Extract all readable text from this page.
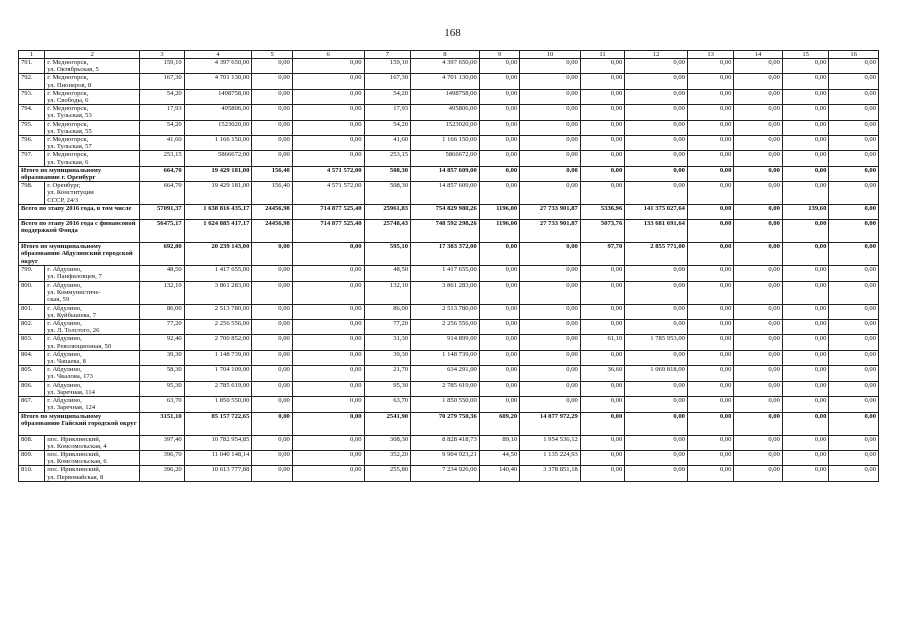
168
1	2	3	4	5	6	7	8	9	10	11	12	13	14	15	16
791.	г. Медногорск,
ул. Октябрьская, 5	159,10	4 397 650,00	0,00	0,00	159,10	4 397 650,00	0,00	0,00	0,00	0,00	0,00	0,00	0,00	0,00
792.	г. Медногорск,
ул. Пионеров, 8	167,30	4 701 130,00	0,00	0,00	167,30	4 701 130,00	0,00	0,00	0,00	0,00	0,00	0,00	0,00	0,00
793.	г. Медногорск,
ул. Свободы, 6	54,20	1498758,00	0,00	0,00	54,20	1498758,00	0,00	0,00	0,00	0,00	0,00	0,00	0,00	0,00
794.	г. Медногорск,
ул. Тульская, 53	17,93	495806,00	0,00	0,00	17,93	495806,00	0,00	0,00	0,00	0,00	0,00	0,00	0,00	0,00
795.	г. Медногорск,
ул. Тульская, 55	54,20	1523020,00	0,00	0,00	54,20	1523020,00	0,00	0,00	0,00	0,00	0,00	0,00	0,00	0,00
796.	г. Медногорск,
ул. Тульская, 57	41,60	1 166 150,00	0,00	0,00	41,60	1 166 150,00	0,00	0,00	0,00	0,00	0,00	0,00	0,00	0,00
797.	г. Медногорск,
ул. Тульская, 6	253,15	5866672,00	0,00	0,00	253,15	5866672,00	0,00	0,00	0,00	0,00	0,00	0,00	0,00	0,00
Итого по муниципальному образованию г. Оренбург		664,70	19 429 181,00	156,40	4 571 572,00	508,30	14 857 609,00	0,00	0,00	0,00	0,00	0,00	0,00	0,00	0,00
798.	г. Оренбург,
ул. Конституции
СССР, 24/3	664,70	19 429 181,00	156,40	4 571 572,00	508,30	14 857 609,00	0,00	0,00	0,00	0,00	0,00	0,00	0,00	0,00
Всего по этапу 2016 года, в том числе		57091,37	1 638 816 435,17	24456,98	714 877 525,40	25961,83	754 829 980,26	1196,00	27 733 901,87	5336,96	141 375 027,64	0,00	0,00	139,60	0,00
Всего по этапу 2016 года с финансовой поддержкой Фонда		56475,17	1 624 885 417,17	24456,98	714 877 525,40	25748,43	748 592 298,26	1196,00	27 733 901,87	5073,76	133 681 691,64	0,00	0,00	0,00	0,00
Итого по муниципальному образованию Абдулинский городской округ		692,80	20 239 143,00	0,00	0,00	595,10	17 383 372,00	0,00	0,00	97,70	2 855 771,00	0,00	0,00	0,00	0,00
799.	г. Абдулино,
ул. Панфиловцев, 7	48,50	1 417 655,00	0,00	0,00	48,50	1 417 655,00	0,00	0,00	0,00	0,00	0,00	0,00	0,00	0,00
800.	г. Абдулино,
ул. Коммунистиче-
ская, 59	132,10	3 861 283,00	0,00	0,00	132,10	3 861 283,00	0,00	0,00	0,00	0,00	0,00	0,00	0,00	0,00
801.	г. Абдулино,
ул. Куйбышева, 7	86,00	2 513 780,00	0,00	0,00	86,00	2 513 780,00	0,00	0,00	0,00	0,00	0,00	0,00	0,00	0,00
802.	г. Абдулино,
ул. Л. Толстого, 26	77,20	2 256 556,00	0,00	0,00	77,20	2 256 556,00	0,00	0,00	0,00	0,00	0,00	0,00	0,00	0,00
803.	г. Абдулино,
ул. Революционная, 50	92,40	2 700 852,00	0,00	0,00	31,30	914 899,00	0,00	0,00	61,10	1 785 953,00	0,00	0,00	0,00	0,00
804.	г. Абдулино,
ул. Чапаева, 8	39,30	1 148 739,00	0,00	0,00	39,30	1 148 739,00	0,00	0,00	0,00	0,00	0,00	0,00	0,00	0,00
805.	г. Абдулино,
ул. Чкалова, 173	58,30	1 704 109,00	0,00	0,00	21,70	634 291,00	0,00	0,00	36,60	1 069 818,00	0,00	0,00	0,00	0,00
806.	г. Абдулино,
ул. Заречная, 114	95,30	2 785 619,00	0,00	0,00	95,30	2 785 619,00	0,00	0,00	0,00	0,00	0,00	0,00	0,00	0,00
807.	г. Абдулино,
ул. Заречная, 124	63,70	1 850 550,00	0,00	0,00	63,70	1 850 550,00	0,00	0,00	0,00	0,00	0,00	0,00	0,00	0,00
Итого по муниципальному образованию Гайский городской округ		3151,10	85 157 722,65	0,00	0,00	2541,90	70 279 750,36	609,20	14 877 972,29	0,00	0,00	0,00	0,00	0,00	0,00
808.	пос. Ириклинский,
ул. Комсомольская, 4	397,40	10 782 954,85	0,00	0,00	308,30	8 828 418,73	89,10	1 954 536,12	0,00	0,00	0,00	0,00	0,00	0,00
809.	пос. Ириклинский,
ул. Комсомольская, 6	396,70	11 040 148,14	0,00	0,00	352,20	9 904 923,21	44,50	1 135 224,93	0,00	0,00	0,00	0,00	0,00	0,00
810.	пос. Ириклинский,
ул. Первомайская, 8	396,20	10 613 777,88	0,00	0,00	255,80	7 234 926,00	140,40	3 378 851,18	0,00	0,00	0,00	0,00	0,00	0,00
